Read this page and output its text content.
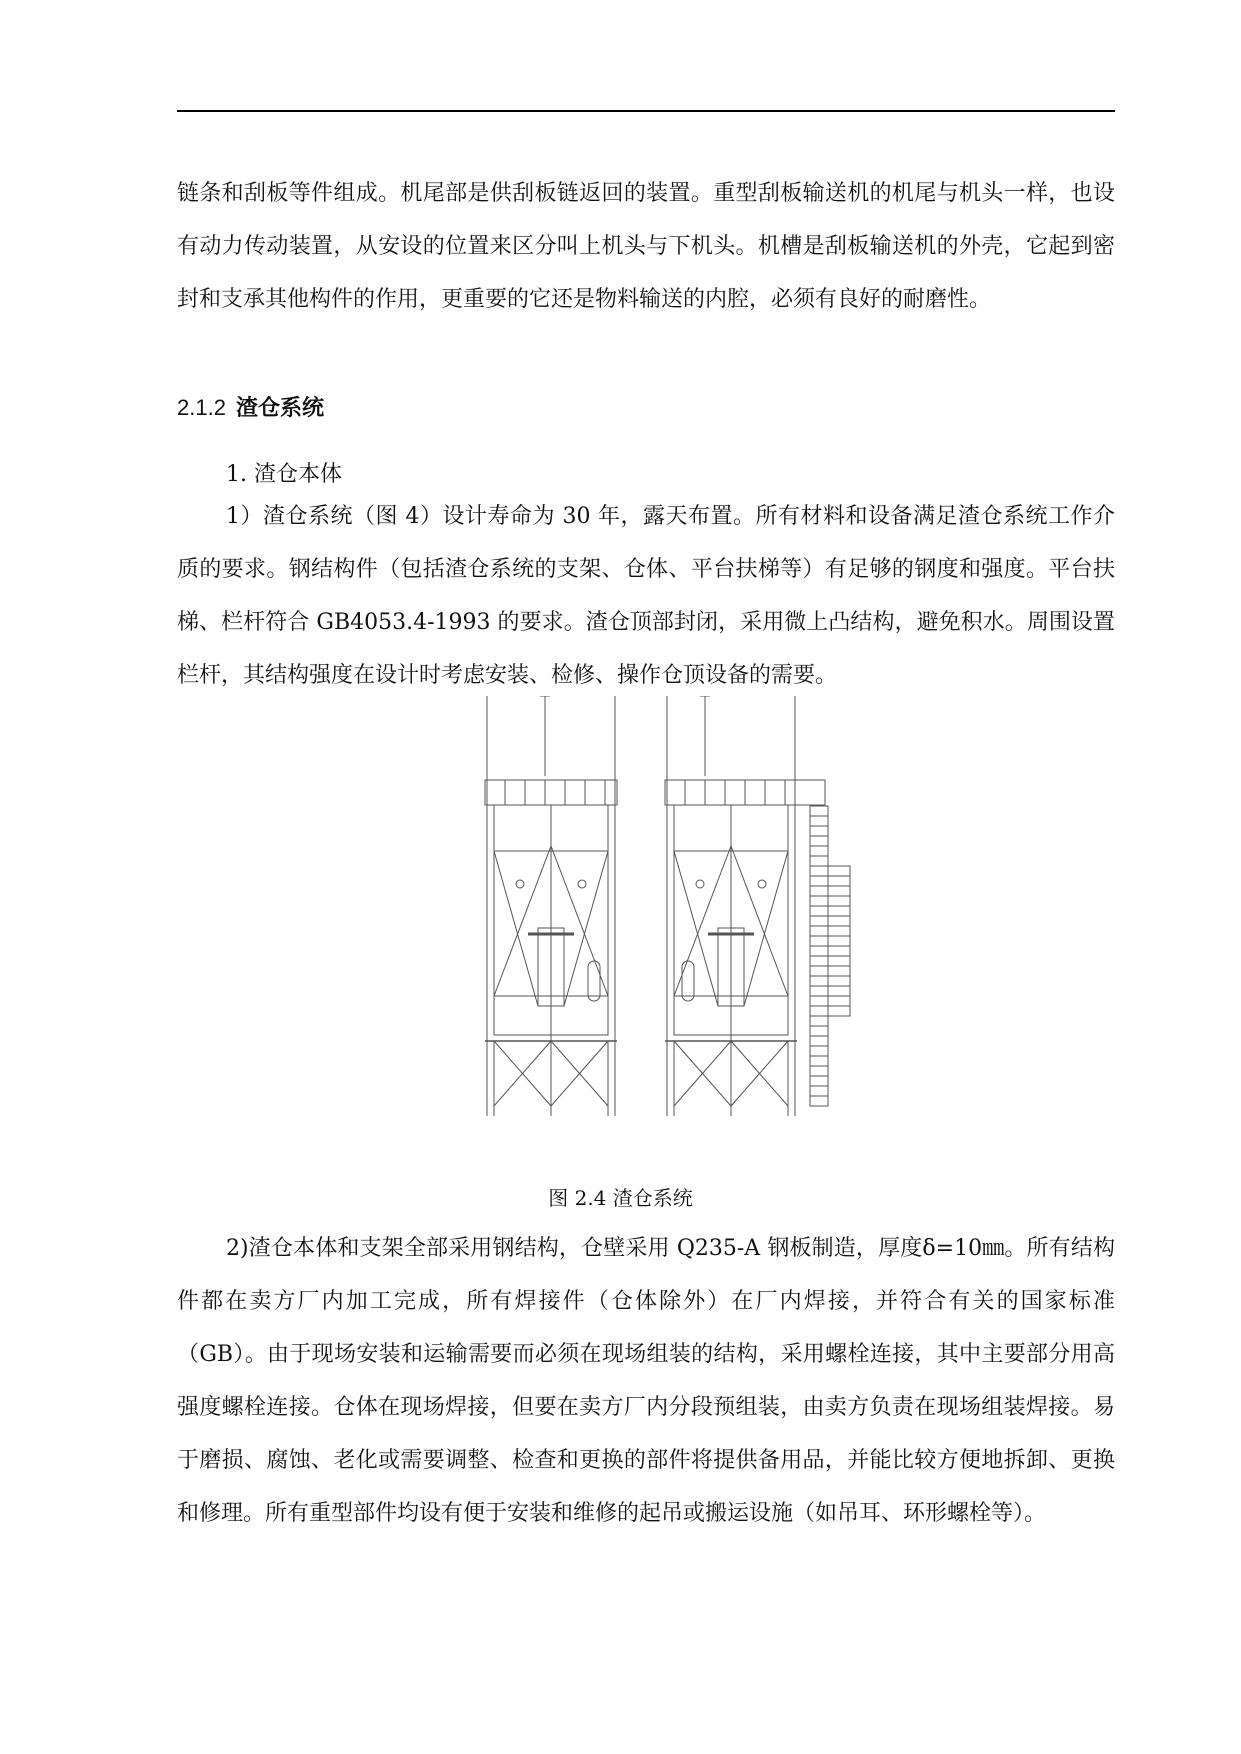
链条和刮板等件组成。机尾部是供刮板链返回的装置。重型刮板输送机的机尾与机头一样，也设有动力传动装置，从安设的位置来区分叫上机头与下机头。机槽是刮板输送机的外壳，它起到密封和支承其他构件的作用，更重要的它还是物料输送的内腔，必须有良好的耐磨性。

2.1.2 渣仓系统
1. 渣仓本体

1）渣仓系统（图 4）设计寿命为 30 年，露天布置。所有材料和设备满足渣仓系统工作介质的要求。钢结构件（包括渣仓系统的支架、仓体、平台扶梯等）有足够的钢度和强度。平台扶梯、栏杆符合 GB4053.4-1993 的要求。渣仓顶部封闭，采用微上凸结构，避免积水。周围设置栏杆，其结构强度在设计时考虑安装、检修、操作仓顶设备的需要。

图 2.4 渣仓系统

2)渣仓本体和支架全部采用钢结构，仓壁采用 Q235-A 钢板制造，厚度δ=10㎜。所有结构件都在卖方厂内加工完成，所有焊接件（仓体除外）在厂内焊接，并符合有关的国家标准（GB）。由于现场安装和运输需要而必须在现场组装的结构，采用螺栓连接，其中主要部分用高强度螺栓连接。仓体在现场焊接，但要在卖方厂内分段预组装，由卖方负责在现场组装焊接。易于磨损、腐蚀、老化或需要调整、检查和更换的部件将提供备用品，并能比较方便地拆卸、更换和修理。所有重型部件均设有便于安装和维修的起吊或搬运设施（如吊耳、环形螺栓等）。
